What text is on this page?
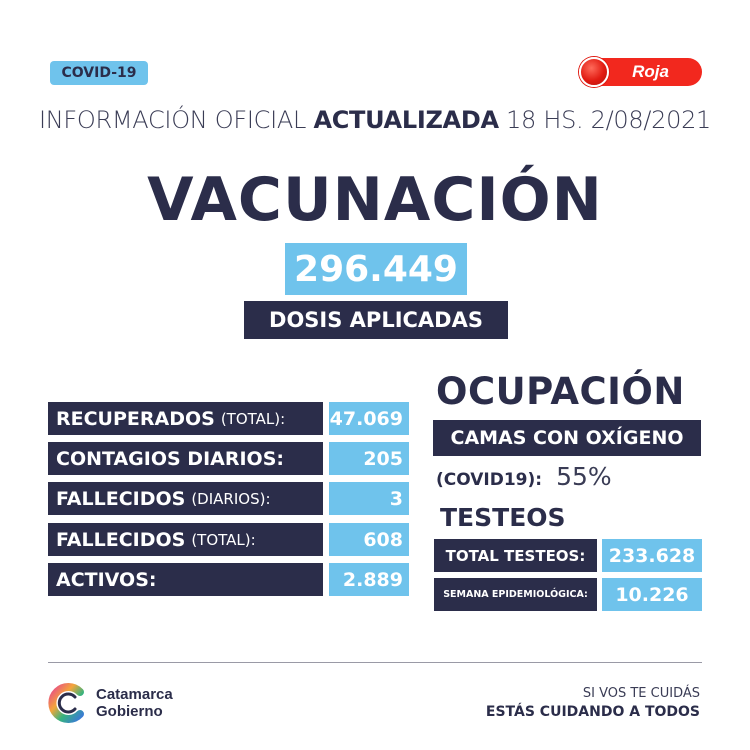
COVID-19	Roja
INFORMACIÓN OFICIAL ACTUALIZADA 18 HS. 2/08/2021
VACUNACIÓN
296.449
DOSIS APLICADAS
RECUPERADOS (TOTAL): 47.069
CONTAGIOS DIARIOS :	205
FALLECIDOS (DIARIOS):	3
FALLECIDOS (TOTAL):	608
ACTIVOS :	2.889
OCUPACIÓN
CAMAS CON OXÍGENO
(COVID19): 55%
TESTEOS
TOTAL TESTEOS:	233.628
SEMANA EPIDEMIOLÓGICA:	10.226
Catamarca
Gobierno
SI VOS TE CUIDÁS
ESTÁS CUIDANDO A TODOS
